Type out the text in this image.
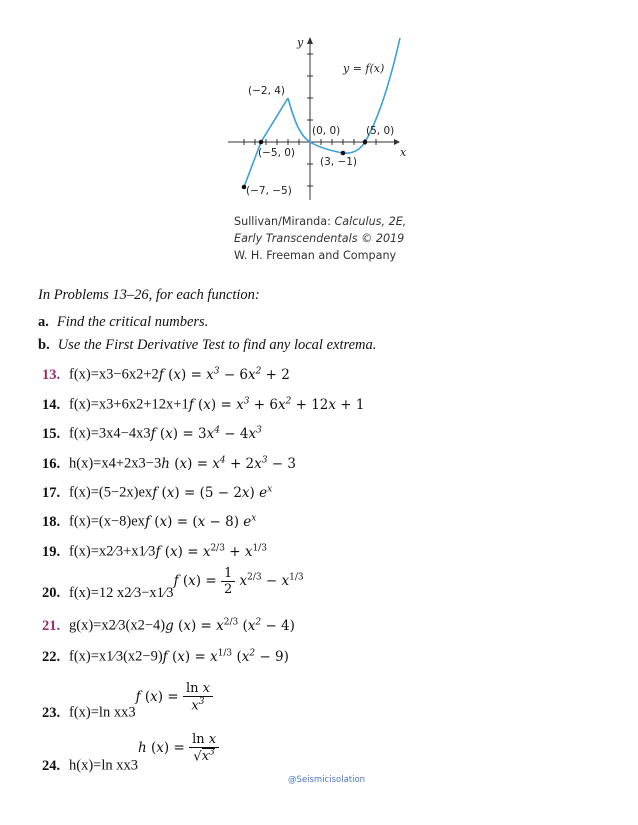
y
x
y = f(x)
(−2, 4)
(0, 0) (5, 0)
(−5, 0)
(3, −1)
(−7, −5)
Sullivan/Miranda: Calculus, 2E,
Early Transcendentals © 2019
W. H. Freeman and Company
In Problems 13–26, for each function:
a. Find the critical numbers.
b. Use the First Derivative Test to find any local extrema.
13. f(x)=x3−6x2+2f $(x) = x^3 - 6x^2 + 2$
14. f(x)=x3+6x2+12x+1f $(x) = x^3 + 6x^2 + 12x + 1$
15. f(x)=3x4−4x3f $(x) = 3x^4 - 4x^3$
16. h(x)=x4+2x3−3h $(x) = x^4 + 2x^3 - 3$
17. f(x)=(5−2x)exf (x) = (5 − 2x) $e^x$
18. f(x)=(x−8)exf (x) = (x − 8) $e^x$
19. f(x)=x2⁄3+x1⁄3f $(x) = x^{2/3} + x^{1/3}$
20. f(x)=12 x2⁄3−x1⁄3f $(x) = \frac{1}{2} x^{2/3} - x^{1/3}$
21. g(x)=x2⁄3(x2−4)g $(x) = x^{2/3}$ $(x^2 - 4)$
22. f(x)=x1⁄3(x2−9)f $(x) = x^{1/3}$ $(x^2 - 9)$
23. f(x)=ln xx3f $(x) = \frac{\text{ln x}}{x^3}$
24. h(x)=ln xx3h $(x) = \frac{\text{ln x}}{√x^3}$
@Seismicisolation
